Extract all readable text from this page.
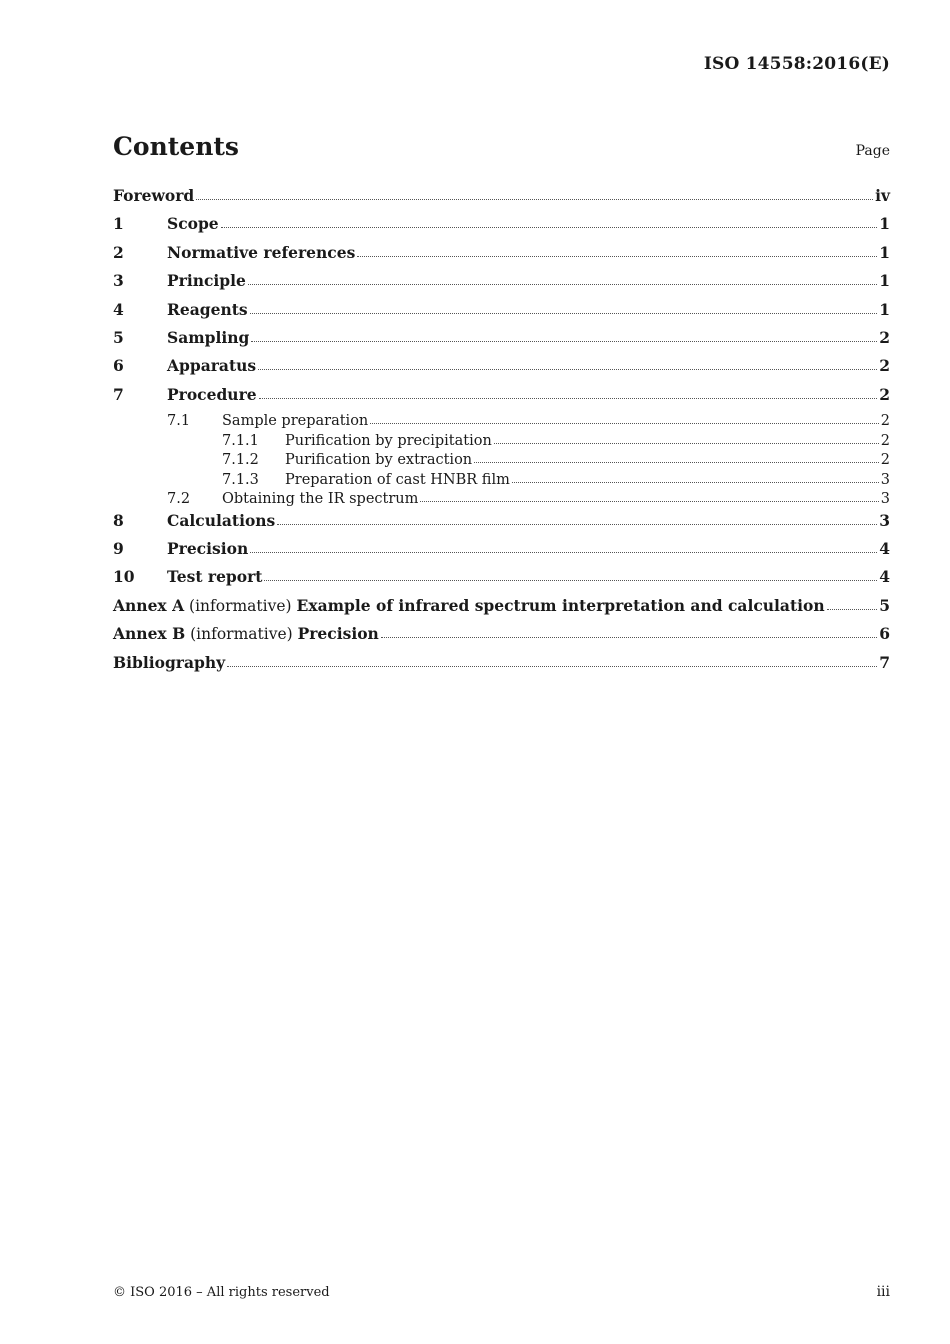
ISO 14558:2016(E)
Contents	Page
Foreword	iv
1	Scope	1
2	Normative references	1
3	Principle	1
4	Reagents	1
5	Sampling	2
6	Apparatus	2
7	Procedure	2
7.1	Sample preparation	2
7.1.1	Purification by precipitation	2
7.1.2	Purification by extraction	2
7.1.3	Preparation of cast HNBR film	3
7.2	Obtaining the IR spectrum	3
8	Calculations	3
9	Precision	4
10	Test report	4
Annex A (informative) Example of infrared spectrum interpretation and calculation	5
Annex B (informative) Precision	6
Bibliography	7
© ISO 2016 – All rights reserved	iii
